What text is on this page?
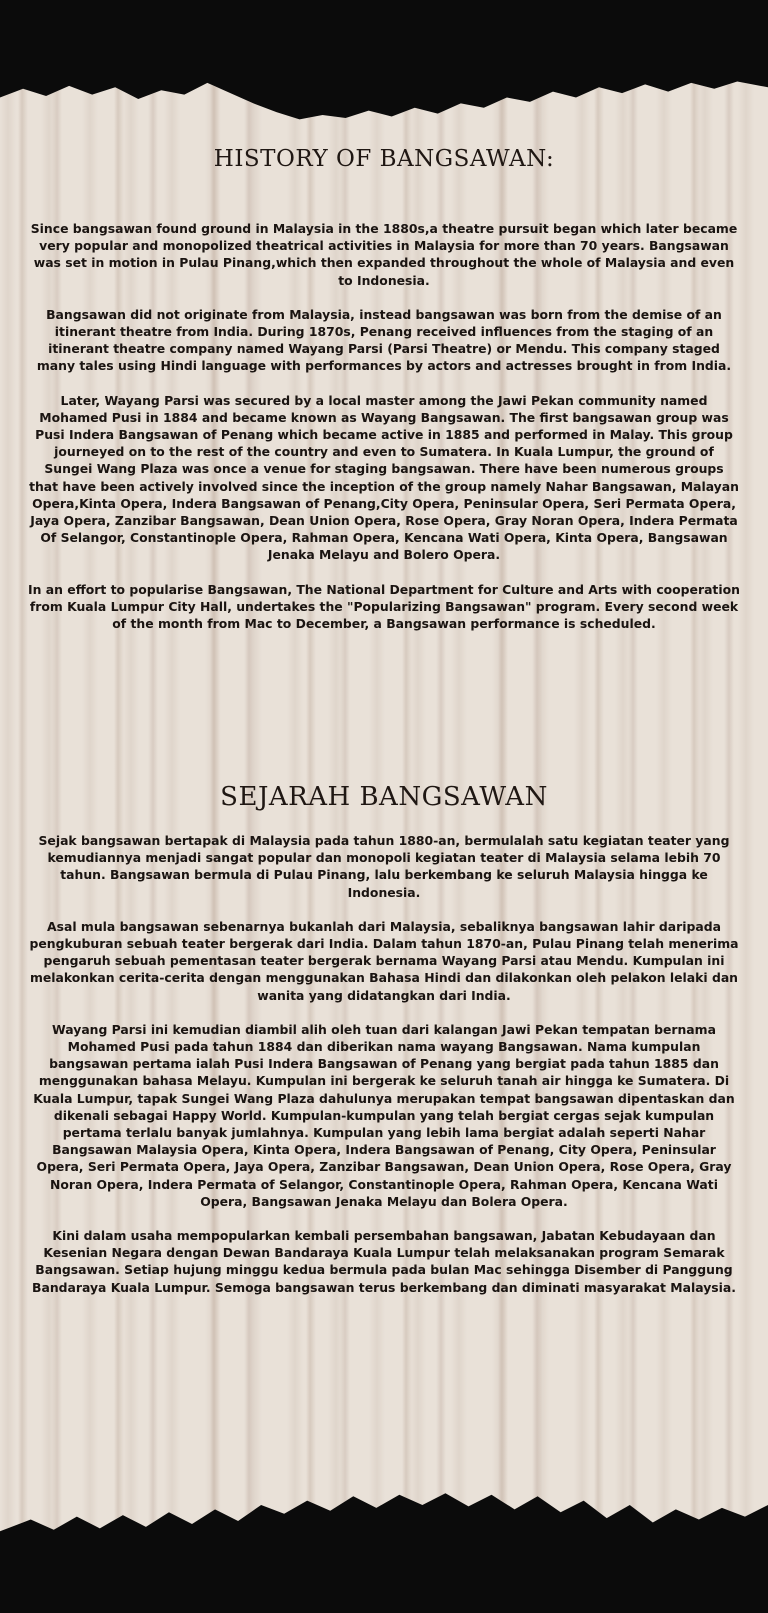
HISTORY OF BANGSAWAN:

Since bangsawan found ground in Malaysia in the 1880s,a theatre pursuit began which later became very popular and monopolized theatrical activities in Malaysia for more than 70 years. Bangsawan was set in motion in Pulau Pinang,which then expanded throughout the whole of Malaysia and even to Indonesia.

Bangsawan did not originate from Malaysia, instead bangsawan was born from the demise of an itinerant theatre from India. During 1870s, Penang received influences from the staging of an itinerant theatre company named Wayang Parsi (Parsi Theatre) or Mendu. This company staged many tales using Hindi language with performances by actors and actresses brought in from India.

Later, Wayang Parsi was secured by a local master among the Jawi Pekan community named Mohamed Pusi in 1884 and became known as Wayang Bangsawan. The first bangsawan group was Pusi Indera Bangsawan of Penang which became active in 1885 and performed in Malay. This group journeyed on to the rest of the country and even to Sumatera. In Kuala Lumpur, the ground of Sungei Wang Plaza was once a venue for staging bangsawan. There have been numerous groups that have been actively involved since the inception of the group namely Nahar Bangsawan, Malayan Opera,Kinta Opera, Indera Bangsawan of Penang,City Opera, Peninsular Opera, Seri Permata Opera, Jaya Opera, Zanzibar Bangsawan, Dean Union Opera, Rose Opera, Gray Noran Opera, Indera Permata Of Selangor, Constantinople Opera, Rahman Opera, Kencana Wati Opera, Kinta Opera, Bangsawan Jenaka Melayu and Bolero Opera.

In an effort to popularise Bangsawan, The National Department for Culture and Arts with cooperation from Kuala Lumpur City Hall, undertakes the "Popularizing Bangsawan" program. Every second week of the month from Mac to December, a Bangsawan performance is scheduled.

SEJARAH BANGSAWAN

Sejak bangsawan bertapak di Malaysia pada tahun 1880-an, bermulalah satu kegiatan teater yang kemudiannya menjadi sangat popular dan monopoli kegiatan teater di Malaysia selama lebih 70 tahun. Bangsawan bermula di Pulau Pinang, lalu berkembang ke seluruh Malaysia hingga ke Indonesia.

Asal mula bangsawan sebenarnya bukanlah dari Malaysia, sebaliknya bangsawan lahir daripada pengkuburan sebuah teater bergerak dari India. Dalam tahun 1870-an, Pulau Pinang telah menerima pengaruh sebuah pementasan teater bergerak bernama Wayang Parsi atau Mendu. Kumpulan ini melakonkan cerita-cerita dengan menggunakan Bahasa Hindi dan dilakonkan oleh pelakon lelaki dan wanita yang didatangkan dari India.

Wayang Parsi ini kemudian diambil alih oleh tuan dari kalangan Jawi Pekan tempatan bernama Mohamed Pusi pada tahun 1884 dan diberikan nama wayang Bangsawan. Nama kumpulan bangsawan pertama ialah Pusi Indera Bangsawan of Penang yang bergiat pada tahun 1885 dan menggunakan bahasa Melayu. Kumpulan ini bergerak ke seluruh tanah air hingga ke Sumatera. Di Kuala Lumpur, tapak Sungei Wang Plaza dahulunya merupakan tempat bangsawan dipentaskan dan dikenali sebagai Happy World. Kumpulan-kumpulan yang telah bergiat cergas sejak kumpulan pertama terlalu banyak jumlahnya. Kumpulan yang lebih lama bergiat adalah seperti Nahar Bangsawan Malaysia Opera, Kinta Opera, Indera Bangsawan of Penang, City Opera, Peninsular Opera, Seri Permata Opera, Jaya Opera, Zanzibar Bangsawan, Dean Union Opera, Rose Opera, Gray Noran Opera, Indera Permata of Selangor, Constantinople Opera, Rahman Opera, Kencana Wati Opera, Bangsawan Jenaka Melayu dan Bolera Opera.

Kini dalam usaha mempopularkan kembali persembahan bangsawan, Jabatan Kebudayaan dan Kesenian Negara dengan Dewan Bandaraya Kuala Lumpur telah melaksanakan program Semarak Bangsawan. Setiap hujung minggu kedua bermula pada bulan Mac sehingga Disember di Panggung Bandaraya Kuala Lumpur. Semoga bangsawan terus berkembang dan diminati masyarakat Malaysia.
